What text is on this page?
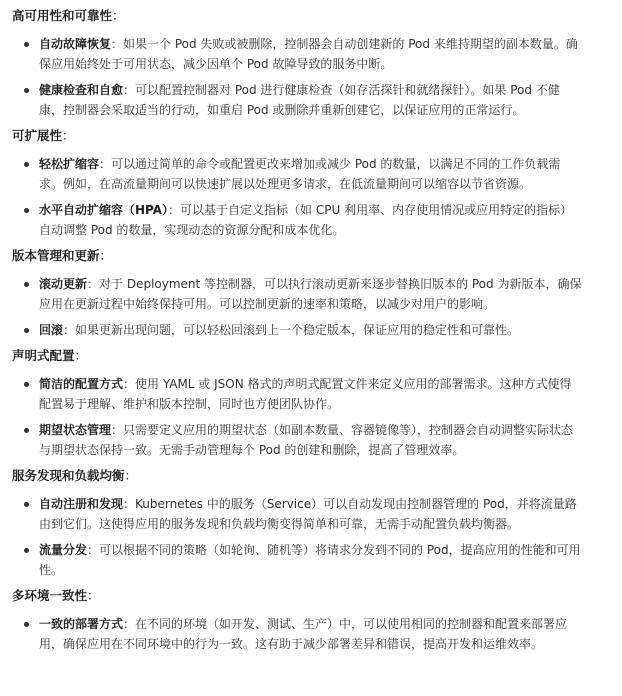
高可用性和可靠性：

自动故障恢复：如果一个 Pod 失败或被删除，控制器会自动创建新的 Pod 来维持期望的副本数量。确保应用始终处于可用状态，减少因单个 Pod 故障导致的服务中断。
健康检查和自愈：可以配置控制器对 Pod 进行健康检查（如存活探针和就绪探针）。如果 Pod 不健康，控制器会采取适当的行动，如重启 Pod 或删除并重新创建它，以保证应用的正常运行。

可扩展性：

轻松扩缩容：可以通过简单的命令或配置更改来增加或减少 Pod 的数量，以满足不同的工作负载需求。例如，在高流量期间可以快速扩展以处理更多请求，在低流量期间可以缩容以节省资源。
水平自动扩缩容（HPA）：可以基于自定义指标（如 CPU 利用率、内存使用情况或应用特定的指标）自动调整 Pod 的数量，实现动态的资源分配和成本优化。

版本管理和更新：

滚动更新：对于 Deployment 等控制器，可以执行滚动更新来逐步替换旧版本的 Pod 为新版本，确保应用在更新过程中始终保持可用。可以控制更新的速率和策略，以减少对用户的影响。
回滚：如果更新出现问题，可以轻松回滚到上一个稳定版本，保证应用的稳定性和可靠性。

声明式配置：

简洁的配置方式：使用 YAML 或 JSON 格式的声明式配置文件来定义应用的部署需求。这种方式使得配置易于理解、维护和版本控制，同时也方便团队协作。
期望状态管理：只需要定义应用的期望状态（如副本数量、容器镜像等），控制器会自动调整实际状态与期望状态保持一致。无需手动管理每个 Pod 的创建和删除，提高了管理效率。

服务发现和负载均衡：

自动注册和发现：Kubernetes 中的服务（Service）可以自动发现由控制器管理的 Pod，并将流量路由到它们。这使得应用的服务发现和负载均衡变得简单和可靠，无需手动配置负载均衡器。
流量分发：可以根据不同的策略（如轮询、随机等）将请求分发到不同的 Pod，提高应用的性能和可用性。

多环境一致性：

一致的部署方式：在不同的环境（如开发、测试、生产）中，可以使用相同的控制器和配置来部署应用，确保应用在不同环境中的行为一致。这有助于减少部署差异和错误，提高开发和运维效率。
